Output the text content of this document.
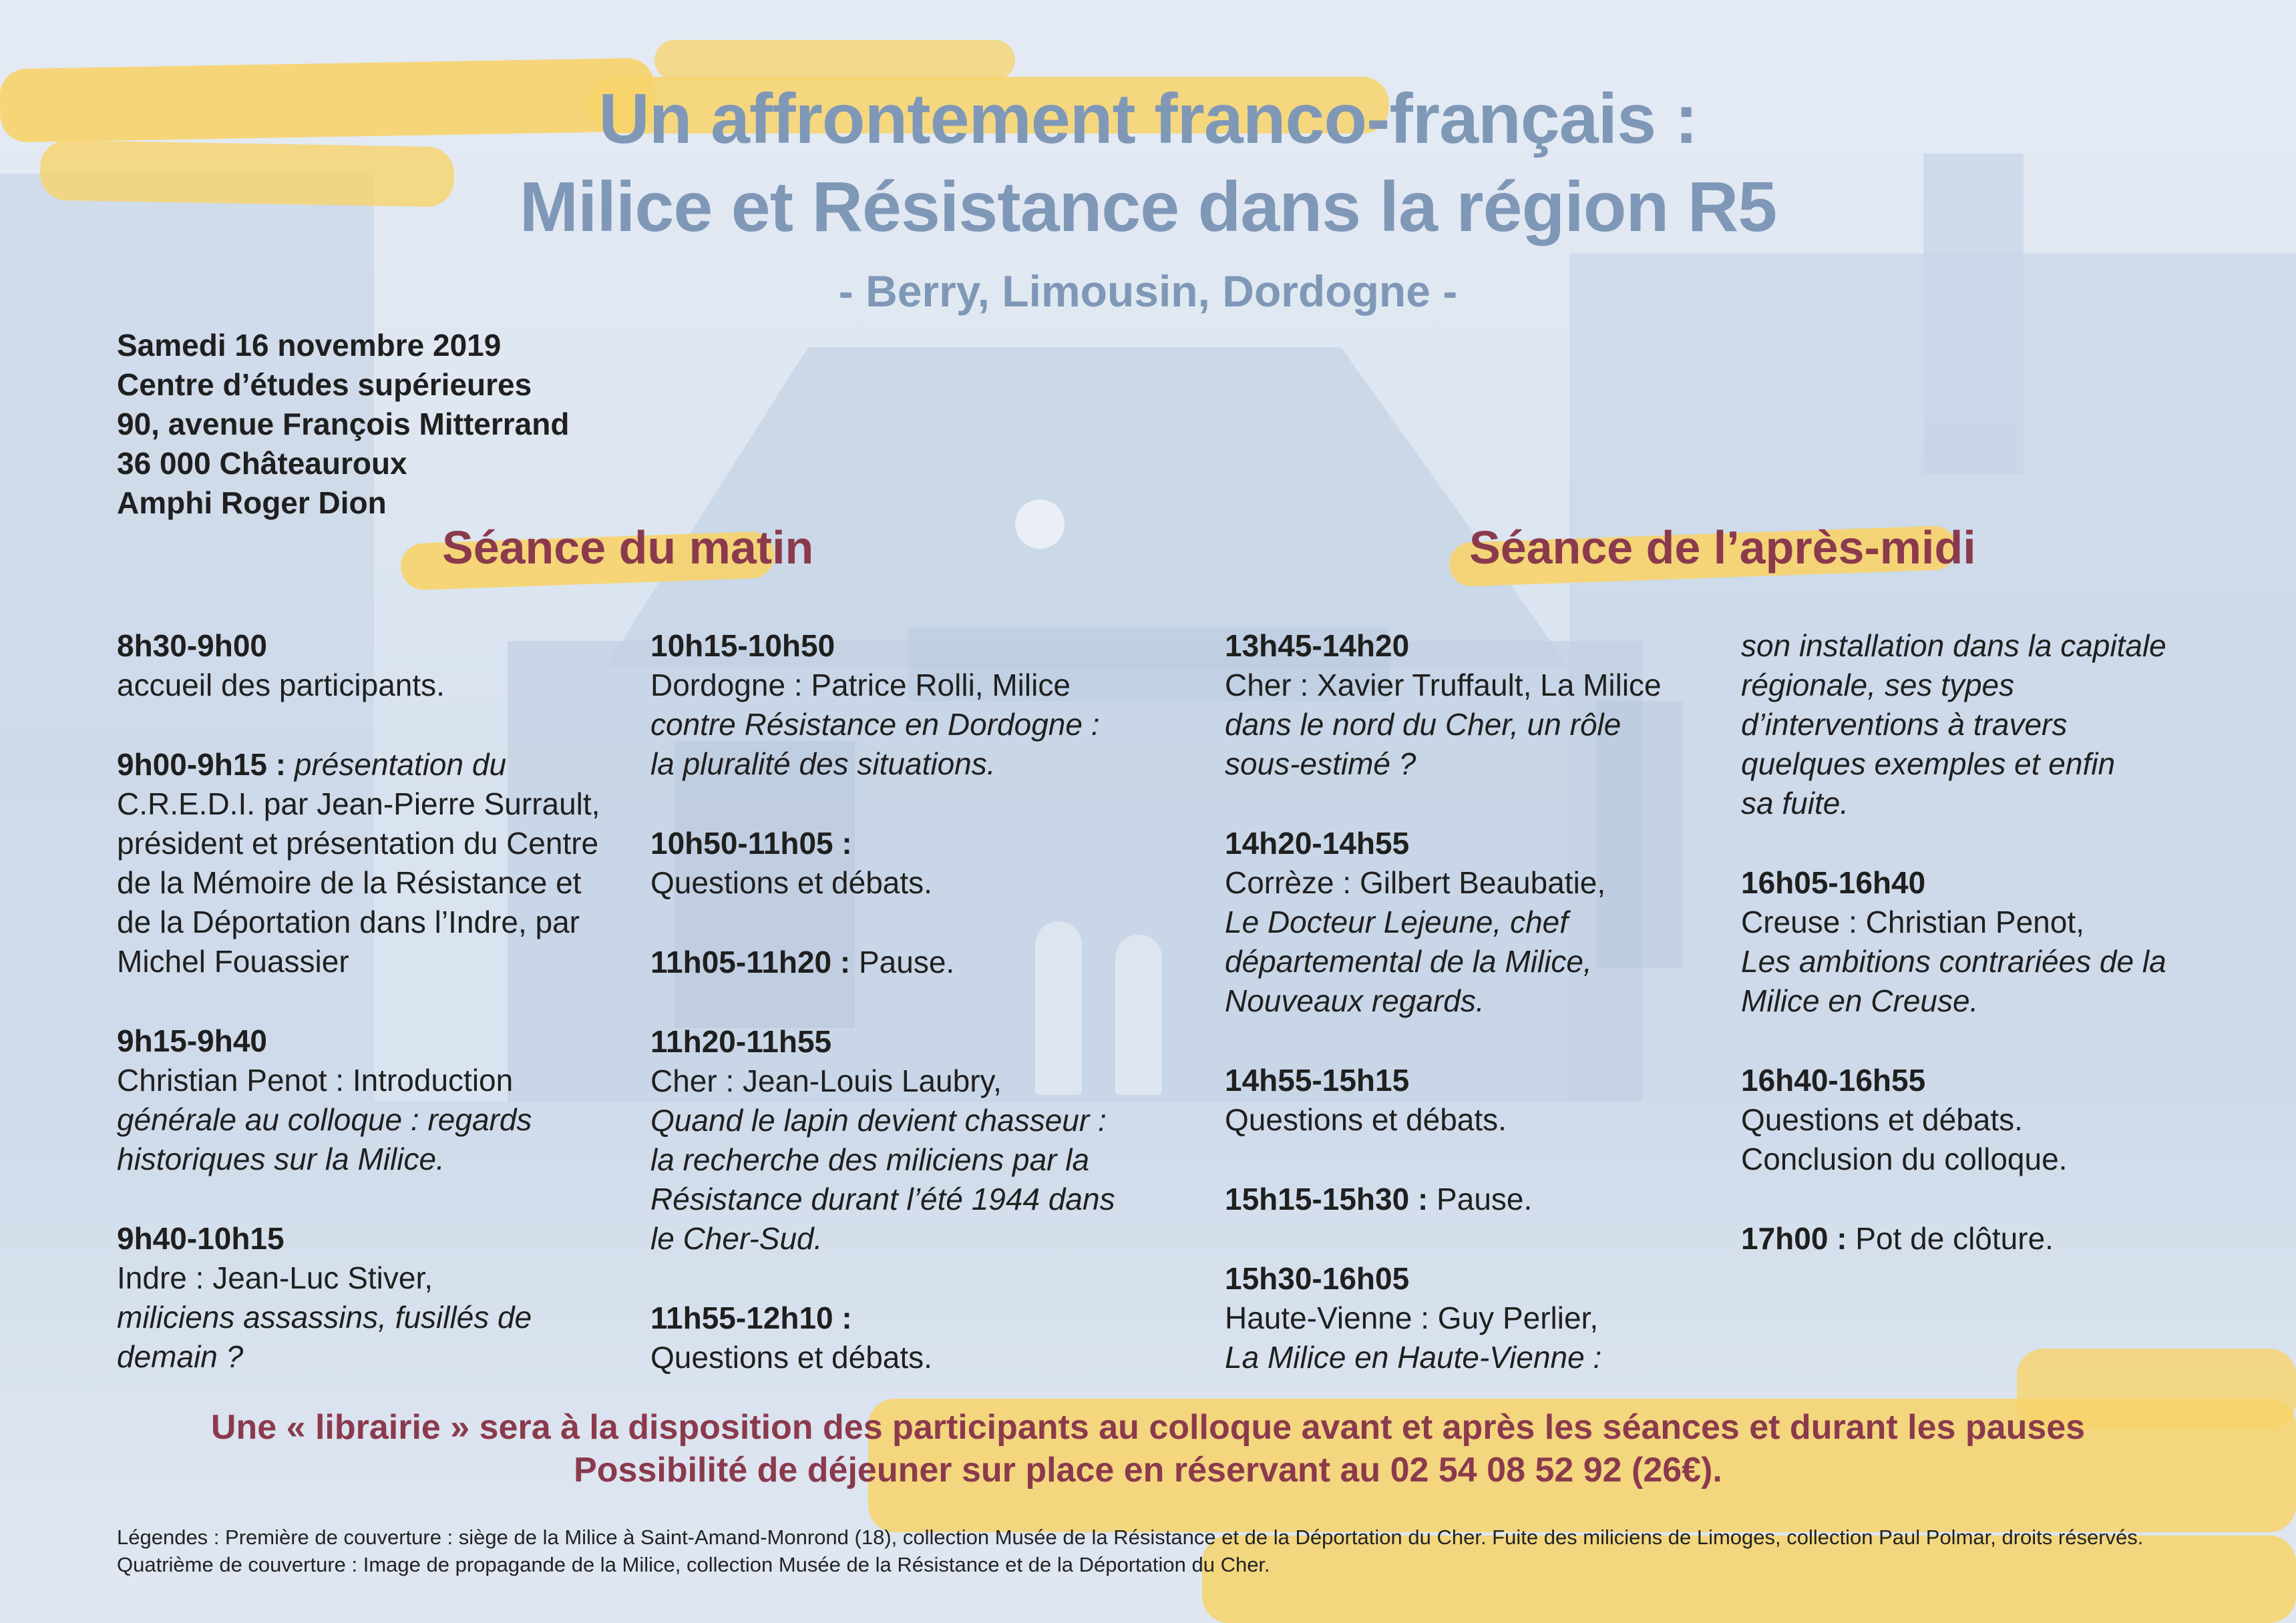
Un affrontement franco-français :
Milice et Résistance dans la région R5
- Berry, Limousin, Dordogne -
Samedi 16 novembre 2019
Centre d’études supérieures
90, avenue François Mitterrand
36 000 Châteauroux
Amphi Roger Dion
Séance du matin	Séance de l’après-midi
8h30-9h00
accueil des participants.
9h00-9h15 : présentation du
C.R.E.D.I. par Jean-Pierre Surrault,
président et présentation du Centre
de la Mémoire de la Résistance et
de la Déportation dans l’Indre, par
Michel Fouassier
9h15-9h40
Christian Penot : Introduction
générale au colloque : regards
historiques sur la Milice.
9h40-10h15
Indre : Jean-Luc Stiver,
miliciens assassins, fusillés de
demain ?
10h15-10h50
Dordogne : Patrice Rolli, Milice
contre Résistance en Dordogne :
la pluralité des situations.
10h50-11h05 :
Questions et débats.
11h05-11h20 : Pause.
11h20-11h55
Cher : Jean-Louis Laubry,
Quand le lapin devient chasseur :
la recherche des miliciens par la
Résistance durant l’été 1944 dans
le Cher-Sud.
11h55-12h10 :
Questions et débats.
13h45-14h20
Cher : Xavier Truffault, La Milice
dans le nord du Cher, un rôle
sous-estimé ?
14h20-14h55
Corrèze : Gilbert Beaubatie,
Le Docteur Lejeune, chef
départemental de la Milice,
Nouveaux regards.
14h55-15h15
Questions et débats.
15h15-15h30 : Pause.
15h30-16h05
Haute-Vienne : Guy Perlier,
La Milice en Haute-Vienne :
son installation dans la capitale
régionale, ses types
d’interventions à travers
quelques exemples et enfin
sa fuite.
16h05-16h40
Creuse : Christian Penot,
Les ambitions contrariées de la
Milice en Creuse.
16h40-16h55
Questions et débats.
Conclusion du colloque.
17h00 : Pot de clôture.
Une « librairie » sera à la disposition des participants au colloque avant et après les séances et durant les pauses
Possibilité de déjeuner sur place en réservant au 02 54 08 52 92 (26€).
Légendes : Première de couverture : siège de la Milice à Saint-Amand-Monrond (18), collection Musée de la Résistance et de la Déportation du Cher. Fuite des miliciens de Limoges, collection Paul Polmar, droits réservés. Quatrième de couverture : Image de propagande de la Milice, collection Musée de la Résistance et de la Déportation du Cher.
